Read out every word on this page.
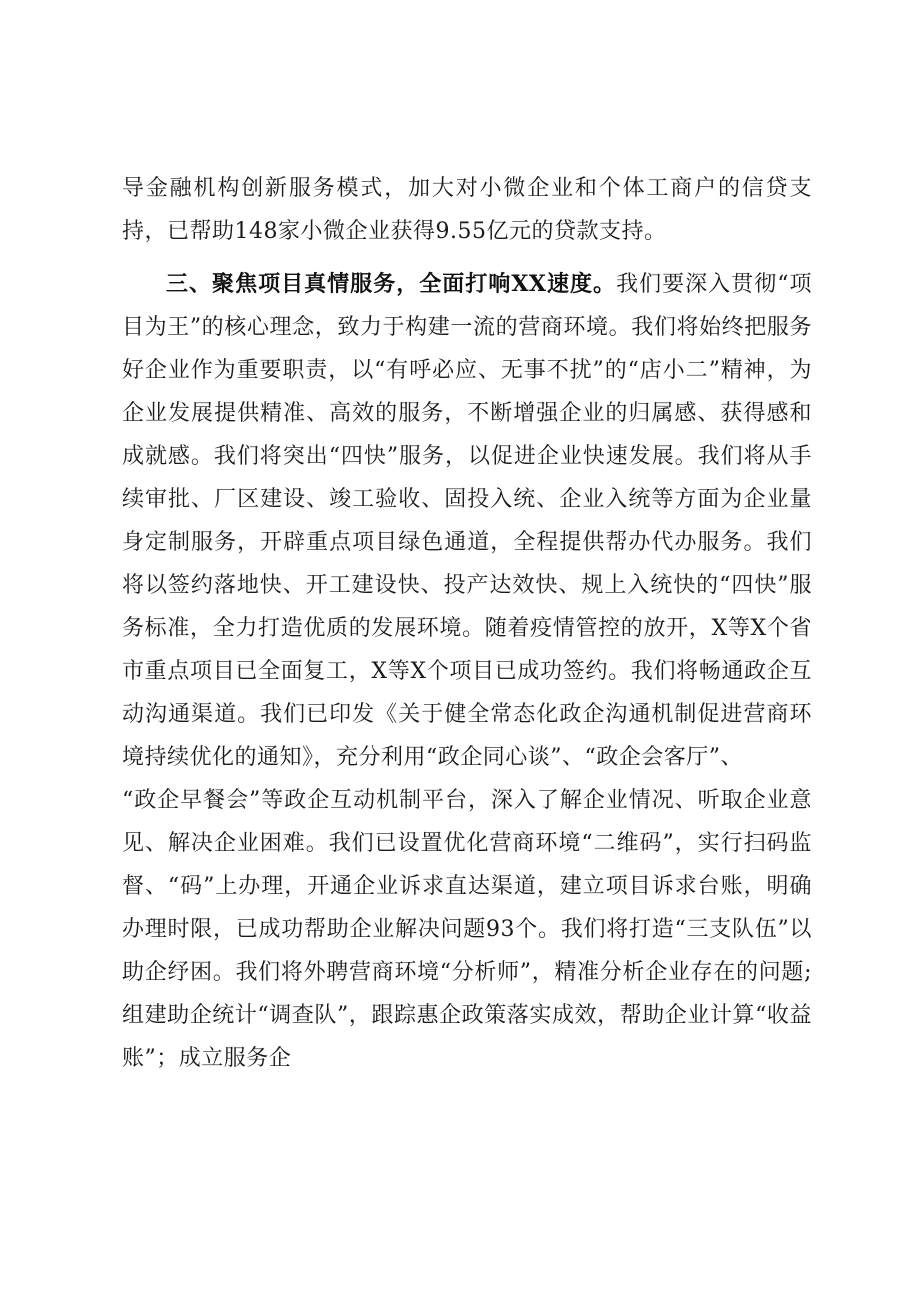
导金融机构创新服务模式，加大对小微企业和个体工商户的信贷支持，已帮助148家小微企业获得9.55亿元的贷款支持。

三、聚焦项目真情服务，全面打响XX速度。我们要深入贯彻“项目为王”的核心理念，致力于构建一流的营商环境。我们将始终把服务好企业作为重要职责，以“有呼必应、无事不扰”的“店小二”精神，为企业发展提供精准、高效的服务，不断增强企业的归属感、获得感和成就感。我们将突出“四快”服务，以促进企业快速发展。我们将从手续审批、厂区建设、竣工验收、固投入统、企业入统等方面为企业量身定制服务，开辟重点项目绿色通道，全程提供帮办代办服务。我们将以签约落地快、开工建设快、投产达效快、规上入统快的“四快”服务标准，全力打造优质的发展环境。随着疫情管控的放开，X等X个省市重点项目已全面复工，X等X个项目已成功签约。我们将畅通政企互动沟通渠道。我们已印发《关于健全常态化政企沟通机制促进营商环境持续优化的通知》，充分利用“政企同心谈”、“政企会客厅”、

“政企早餐会”等政企互动机制平台，深入了解企业情况、听取企业意见、解决企业困难。我们已设置优化营商环境“二维码”，实行扫码监督、“码”上办理，开通企业诉求直达渠道，建立项目诉求台账，明确办理时限，已成功帮助企业解决问题93个。我们将打造“三支队伍”以助企纾困。我们将外聘营商环境“分析师”，精准分析企业存在的问题;组建助企统计“调查队”，跟踪惠企政策落实成效，帮助企业计算“收益账”；成立服务企
